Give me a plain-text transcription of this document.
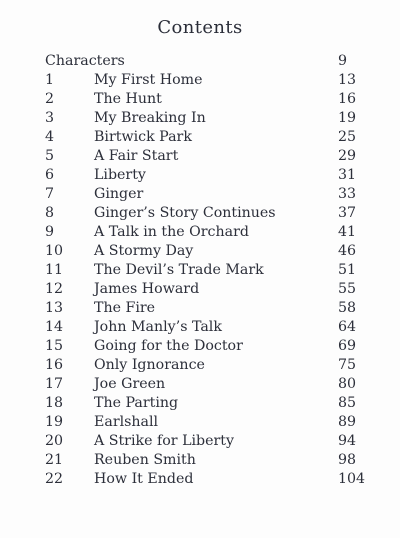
Contents
Characters	9
1	My First Home	13
2	The Hunt	16
3	My Breaking In	19
4	Birtwick Park	25
5	A Fair Start	29
6	Liberty	31
7	Ginger	33
8	Ginger’s Story Continues	37
9	A Talk in the Orchard	41
10 A Stormy Day	46
11 The Devil’s Trade Mark	51
12 James Howard	55
13 The Fire	58
14 John Manly’s Talk	64
15 Going for the Doctor	69
16 Only Ignorance	75
17 Joe Green	80
18 The Parting	85
19 Earlshall	89
20 A Strike for Liberty	94
21 Reuben Smith	98
22 How It Ended	104
